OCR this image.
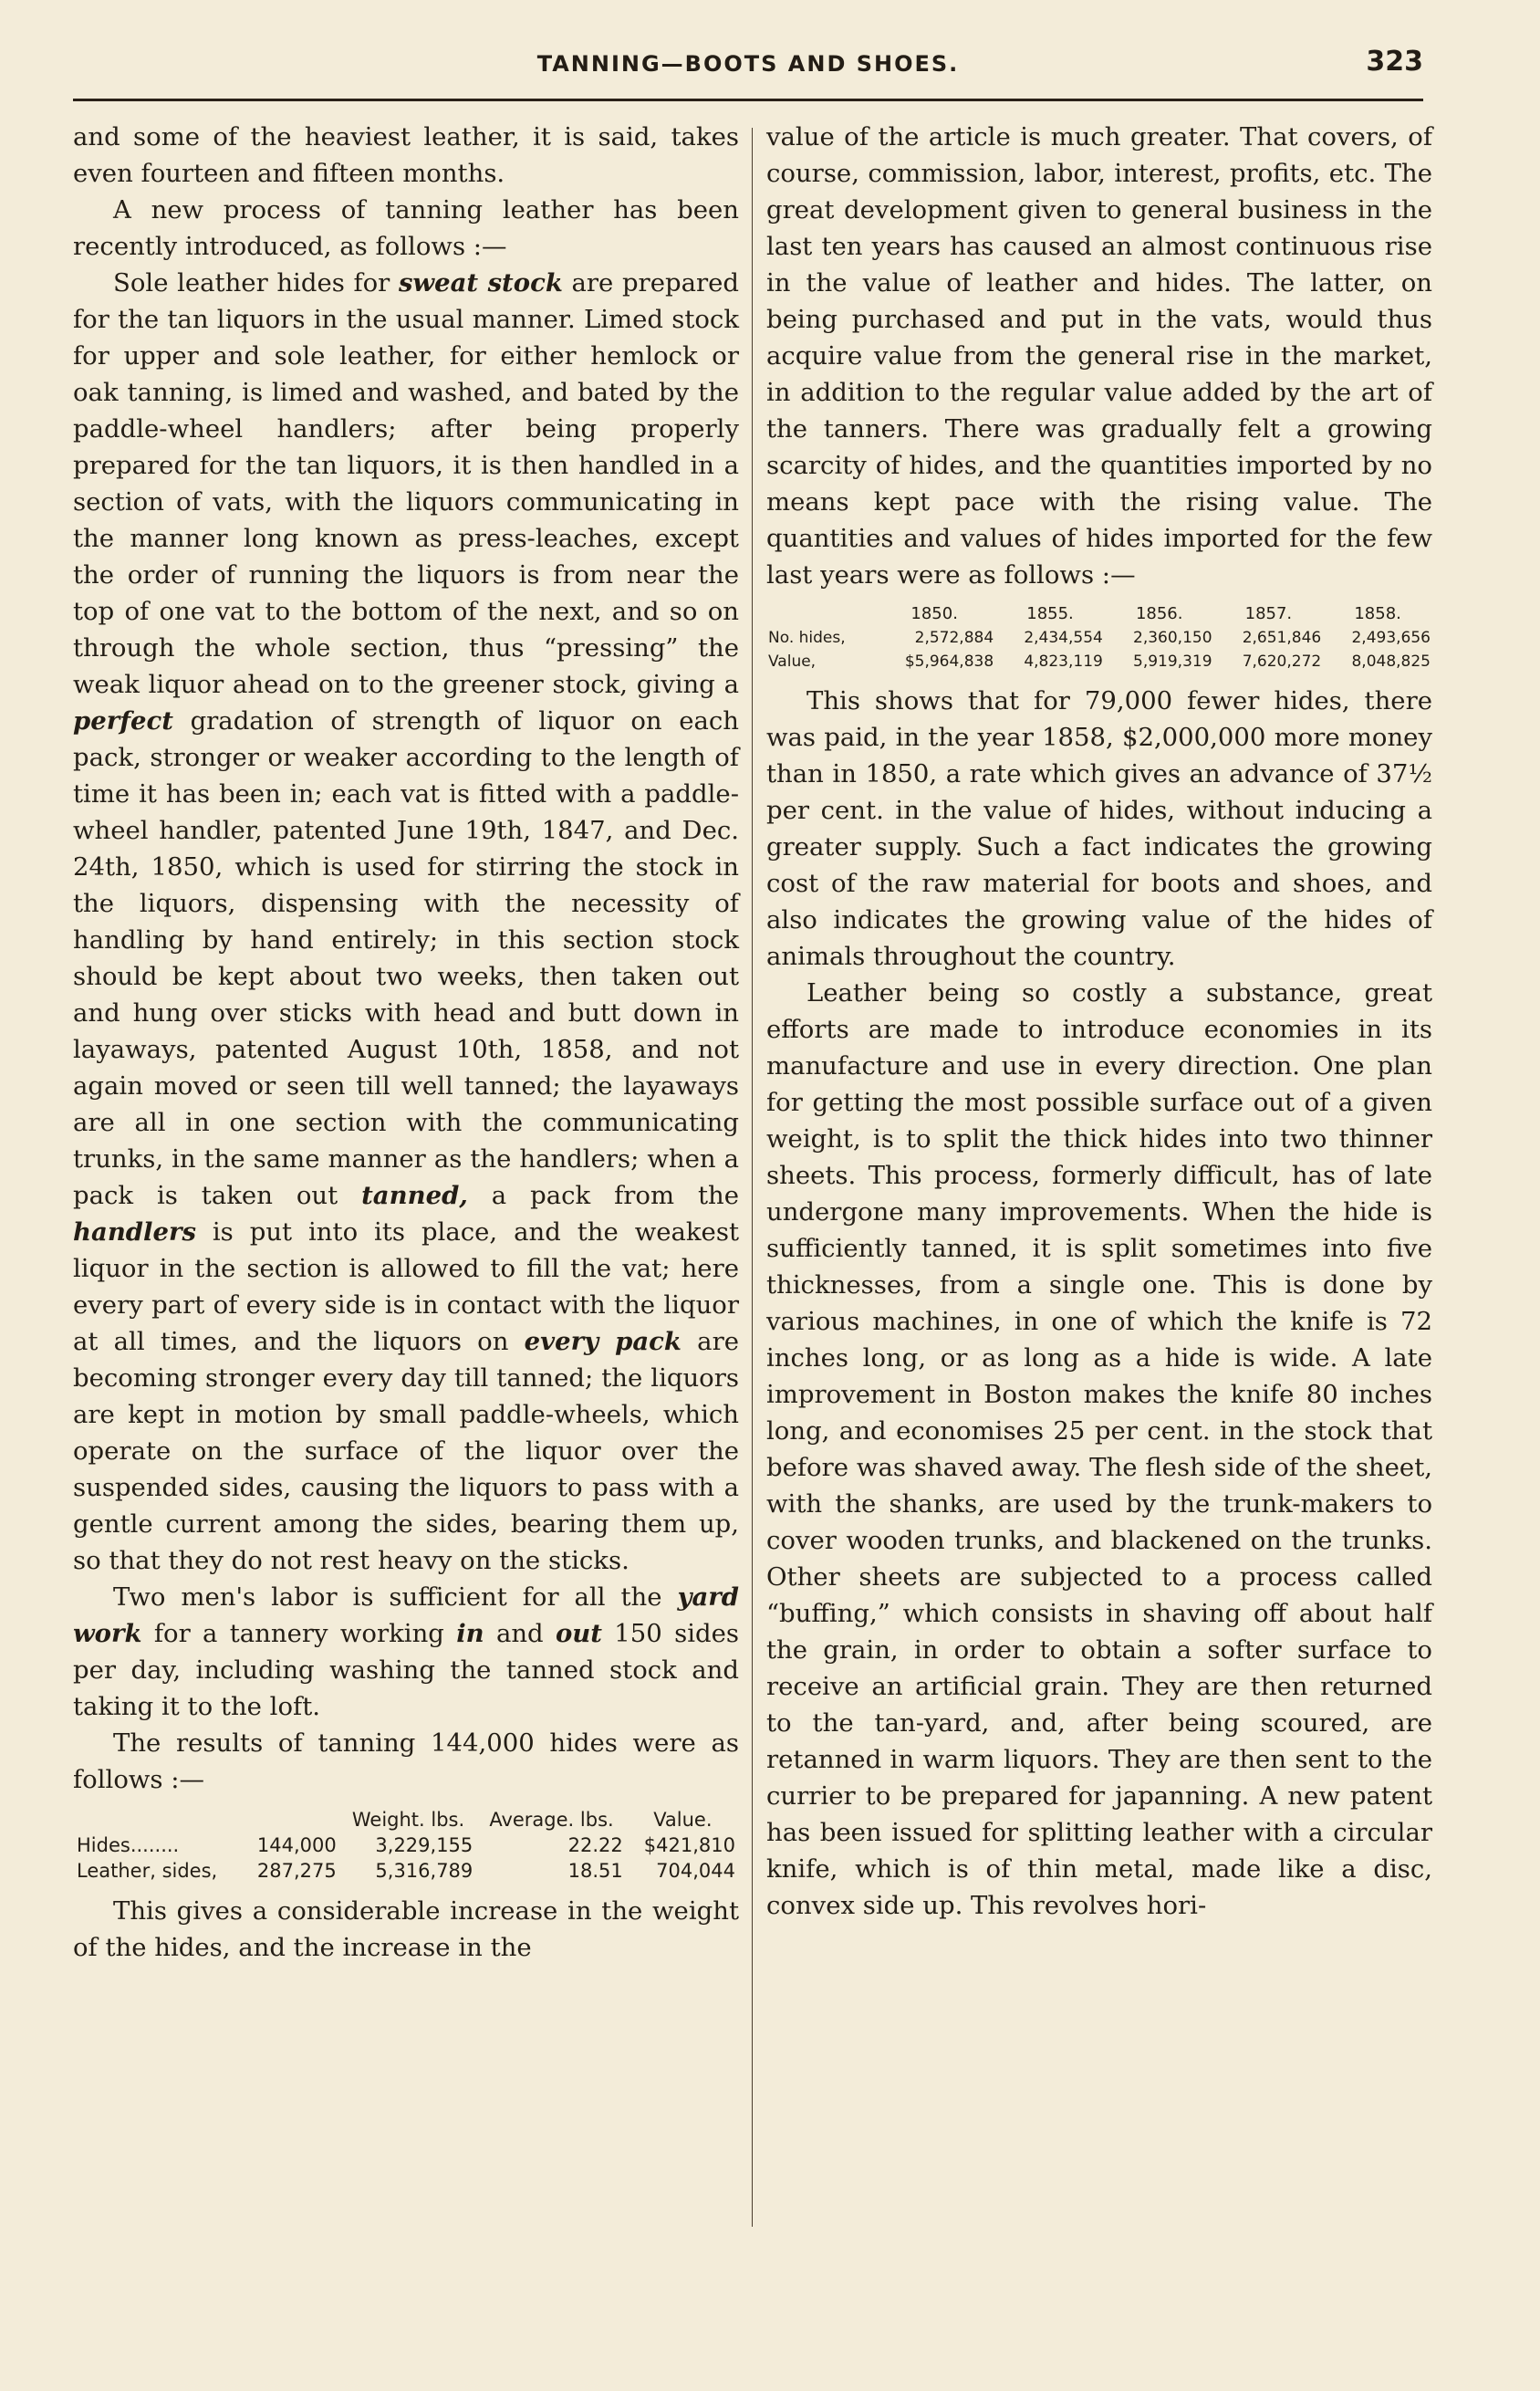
TANNING—BOOTS AND SHOES.	323

and some of the heaviest leather, it is said, takes even fourteen and fifteen months.

A new process of tanning leather has been recently introduced, as follows :—

Sole leather hides for sweat stock are prepared for the tan liquors in the usual manner. Limed stock for upper and sole leather, for either hemlock or oak tanning, is limed and washed, and bated by the paddle-wheel handlers; after being properly prepared for the tan liquors, it is then handled in a section of vats, with the liquors communicating in the manner long known as press-leaches, except the order of running the liquors is from near the top of one vat to the bottom of the next, and so on through the whole section, thus “pressing” the weak liquor ahead on to the greener stock, giving a perfect gradation of strength of liquor on each pack, stronger or weaker according to the length of time it has been in; each vat is fitted with a paddle-wheel handler, patented June 19th, 1847, and Dec. 24th, 1850, which is used for stirring the stock in the liquors, dispensing with the necessity of handling by hand entirely; in this section stock should be kept about two weeks, then taken out and hung over sticks with head and butt down in layaways, patented August 10th, 1858, and not again moved or seen till well tanned; the layaways are all in one section with the communicating trunks, in the same manner as the handlers; when a pack is taken out tanned, a pack from the handlers is put into its place, and the weakest liquor in the section is allowed to fill the vat; here every part of every side is in contact with the liquor at all times, and the liquors on every pack are becoming stronger every day till tanned; the liquors are kept in motion by small paddle-wheels, which operate on the surface of the liquor over the suspended sides, causing the liquors to pass with a gentle current among the sides, bearing them up, so that they do not rest heavy on the sticks.

Two men's labor is sufficient for all the yard work for a tannery working in and out 150 sides per day, including washing the tanned stock and taking it to the loft.

The results of tanning 144,000 hides were as follows :—

		Weight. lbs.	Average. lbs.	Value.
Hides........	144,000	3,229,155	22.22	$421,810
Leather, sides,	287,275	5,316,789	18.51	704,044

This gives a considerable increase in the weight of the hides, and the increase in the

value of the article is much greater. That covers, of course, commission, labor, interest, profits, etc. The great development given to general business in the last ten years has caused an almost continuous rise in the value of leather and hides. The latter, on being purchased and put in the vats, would thus acquire value from the general rise in the market, in addition to the regular value added by the art of the tanners. There was gradually felt a growing scarcity of hides, and the quantities imported by no means kept pace with the rising value. The quantities and values of hides imported for the few last years were as follows :—

	1850.	1855.	1856.	1857.	1858.
No. hides,	2,572,884	2,434,554	2,360,150	2,651,846	2,493,656
Value,	$5,964,838	4,823,119	5,919,319	7,620,272	8,048,825

This shows that for 79,000 fewer hides, there was paid, in the year 1858, $2,000,000 more money than in 1850, a rate which gives an advance of 37½ per cent. in the value of hides, without inducing a greater supply. Such a fact indicates the growing cost of the raw material for boots and shoes, and also indicates the growing value of the hides of animals throughout the country.

Leather being so costly a substance, great efforts are made to introduce economies in its manufacture and use in every direction. One plan for getting the most possible surface out of a given weight, is to split the thick hides into two thinner sheets. This process, formerly difficult, has of late undergone many improvements. When the hide is sufficiently tanned, it is split sometimes into five thicknesses, from a single one. This is done by various machines, in one of which the knife is 72 inches long, or as long as a hide is wide. A late improvement in Boston makes the knife 80 inches long, and economises 25 per cent. in the stock that before was shaved away. The flesh side of the sheet, with the shanks, are used by the trunk-makers to cover wooden trunks, and blackened on the trunks. Other sheets are subjected to a process called “buffing,” which consists in shaving off about half the grain, in order to obtain a softer surface to receive an artificial grain. They are then returned to the tan-yard, and, after being scoured, are retanned in warm liquors. They are then sent to the currier to be prepared for japanning. A new patent has been issued for splitting leather with a circular knife, which is of thin metal, made like a disc, convex side up. This revolves hori-
